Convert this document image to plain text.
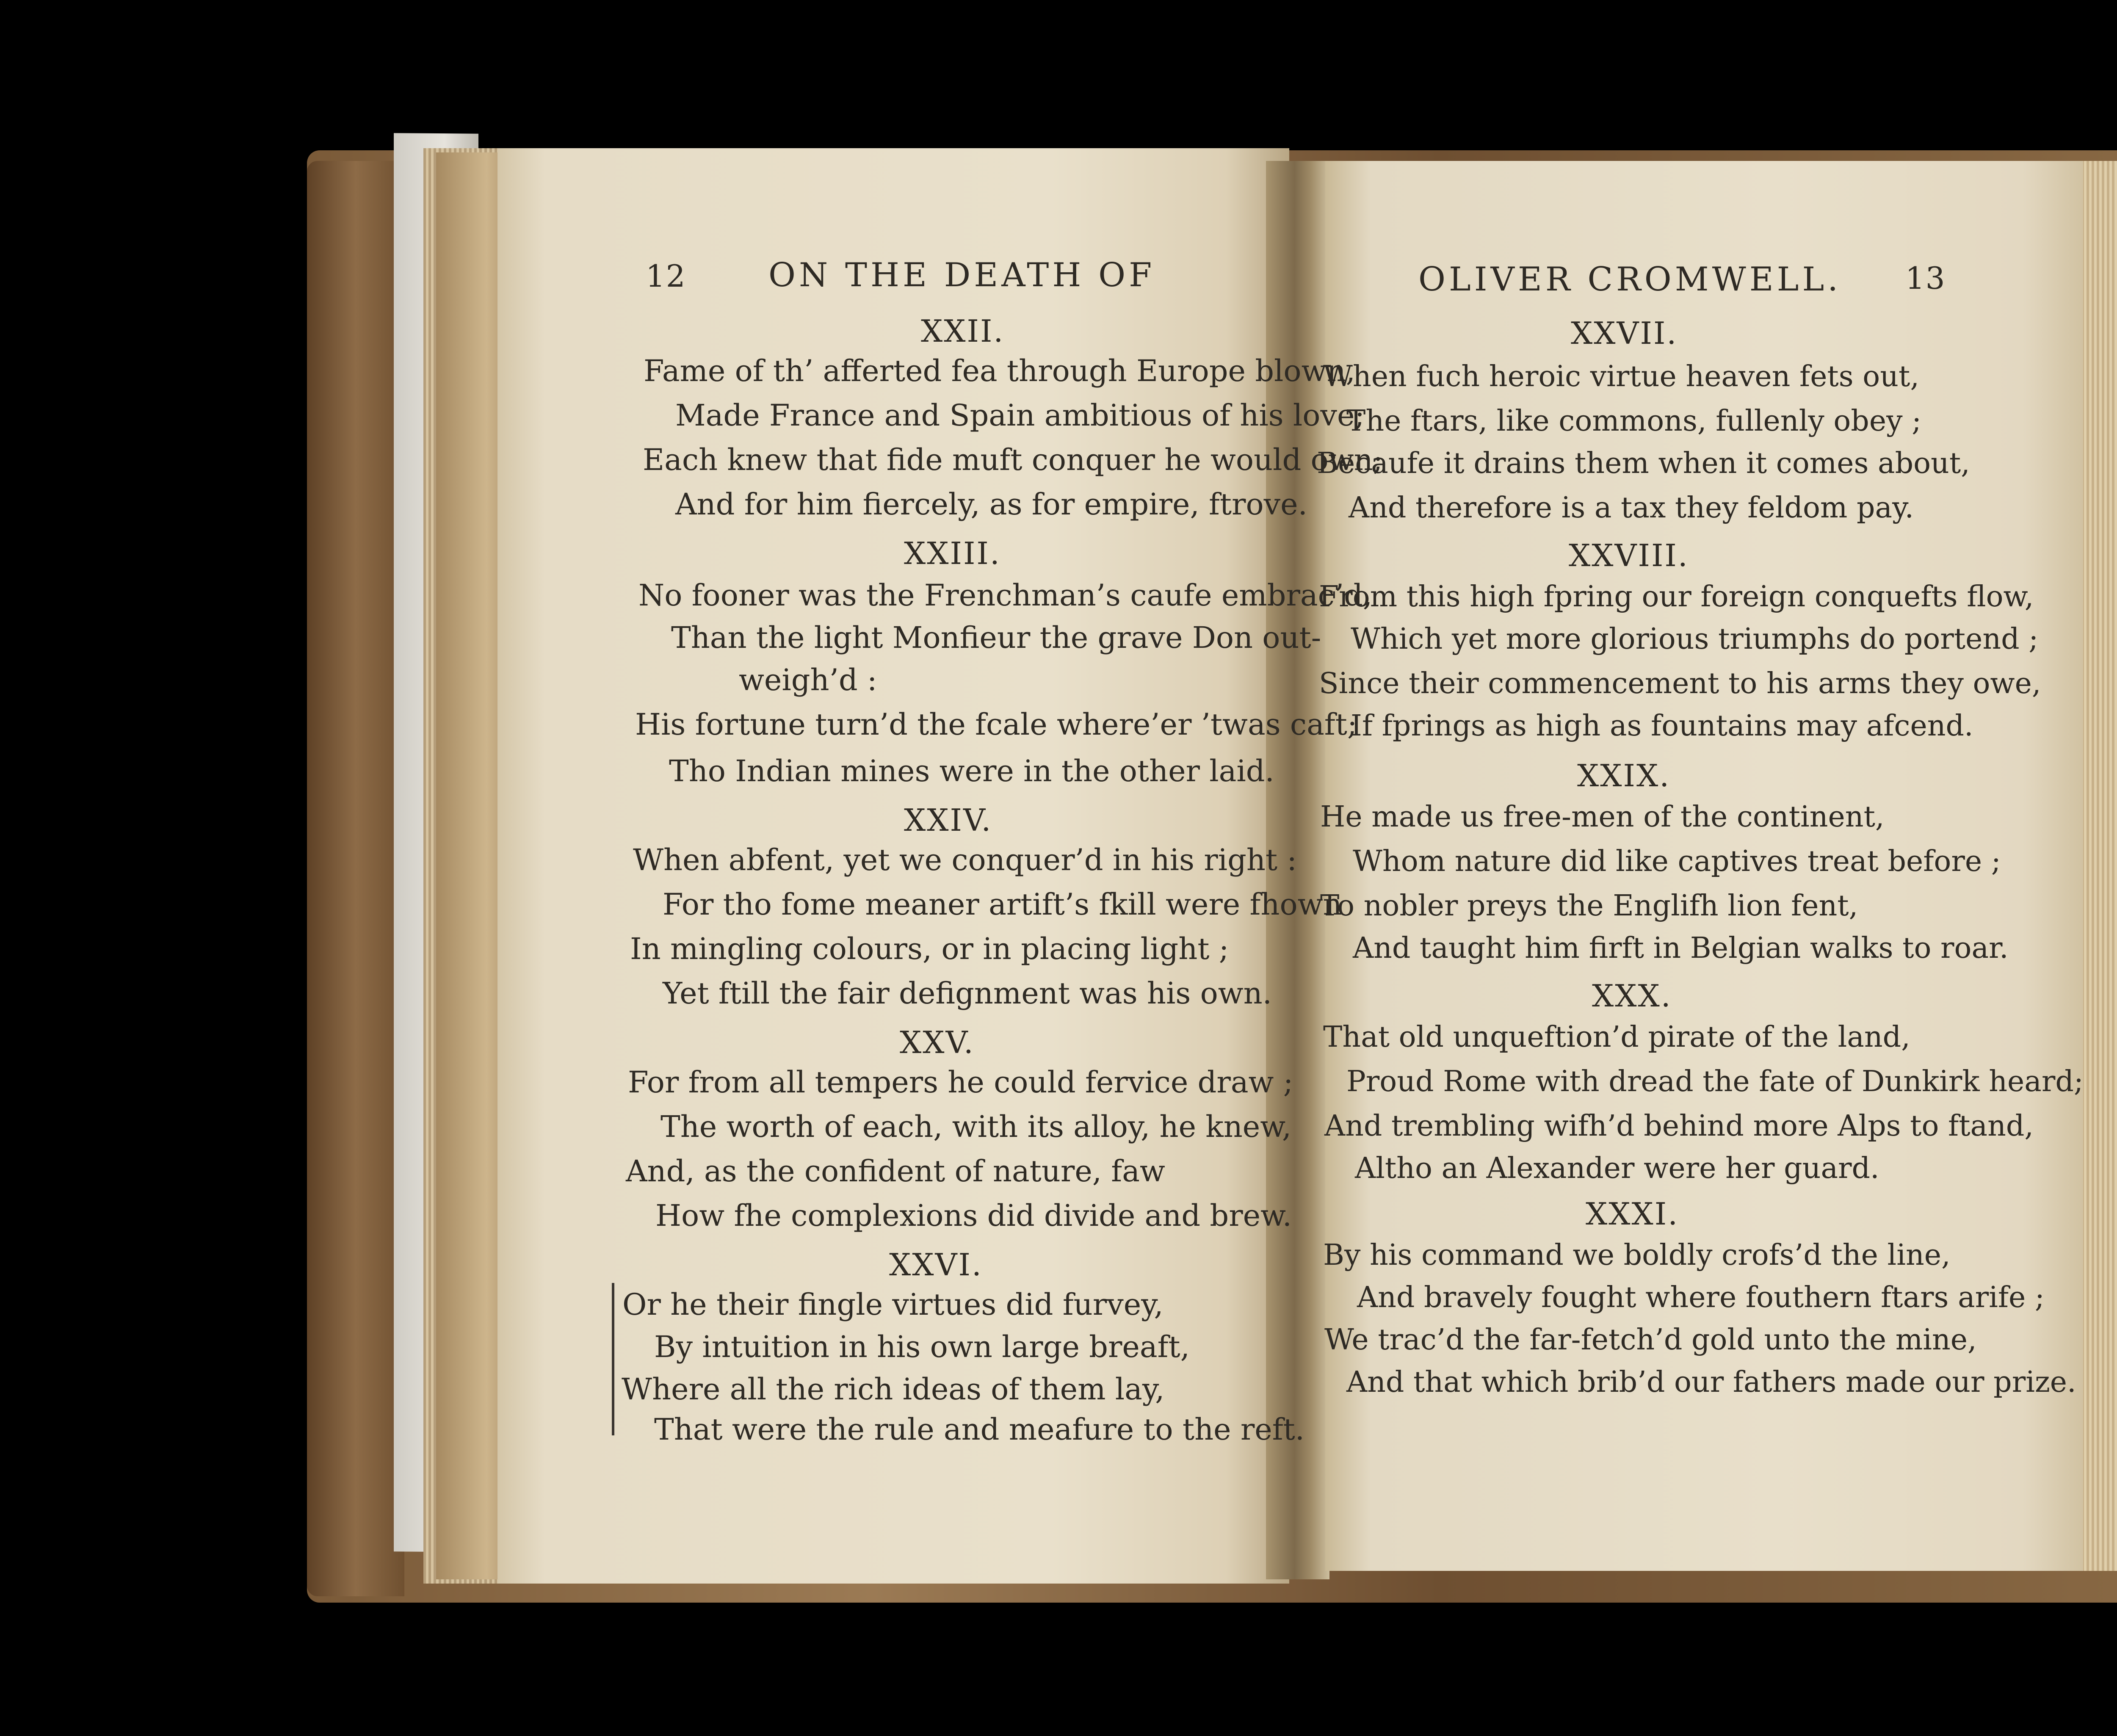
12 ON THE DEATH OF
XXII.
Fame of th’ afferted fea through Europe blown,
Made France and Spain ambitious of his love;
Each knew that fide muft conquer he would own;
And for him fiercely, as for empire, ftrove.
XXIII.
No fooner was the Frenchman’s caufe embrac’d,
Than the light Monfieur the grave Don out-
weigh’d :
His fortune turn’d the fcale where’er ’twas caft;
Tho Indian mines were in the other laid.
XXIV.
When abfent, yet we conquer’d in his right :
For tho fome meaner artift’s fkill were fhown
In mingling colours, or in placing light ;
Yet ftill the fair defignment was his own.
XXV.
For from all tempers he could fervice draw ;
The worth of each, with its alloy, he knew,
And, as the confident of nature, faw
How fhe complexions did divide and brew.
XXVI.
Or he their fingle virtues did furvey,
By intuition in his own large breaft,
Where all the rich ideas of them lay,
That were the rule and meafure to the reft.
OLIVER CROMWELL. 13
XXVII.
When fuch heroic virtue heaven fets out,
The ftars, like commons, fullenly obey ;
Becaufe it drains them when it comes about,
And therefore is a tax they feldom pay.
XXVIII.
From this high fpring our foreign conquefts flow,
Which yet more glorious triumphs do portend ;
Since their commencement to his arms they owe,
If fprings as high as fountains may afcend.
XXIX.
He made us free-men of the continent,
Whom nature did like captives treat before ;
To nobler preys the Englifh lion fent,
And taught him firft in Belgian walks to roar.
XXX.
That old unqueftion’d pirate of the land,
Proud Rome with dread the fate of Dunkirk heard;
And trembling wifh’d behind more Alps to ftand,
Altho an Alexander were her guard.
XXXI.
By his command we boldly crofs’d the line,
And bravely fought where fouthern ftars arife ;
We trac’d the far-fetch’d gold unto the mine,
And that which brib’d our fathers made our prize.
